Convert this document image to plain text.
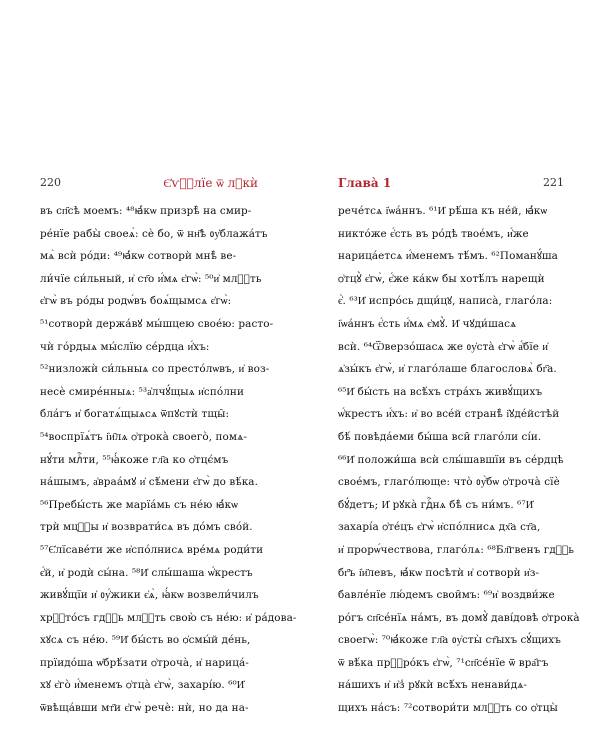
220	Є҆ѵⷢ҇лїе ѿ лꙋкѝ
въ сп҃сѣ моемъ: ⁴⁸ꙗ҆́кѡ призрѣ̀ на смир-
ре́нїе рабы̀ своеѧ̀: сѐ бо, ѿ нн҃ѣ ᲂу҆блажа́тъ
мѧ̀ всѝ ро́ди: ⁴⁹ꙗ҆́кѡ сотворѝ мнѣ̀ ве-
ли́чїе си́льный, и҆ ст҃о и҆́мѧ є҆гѡ̀: ⁵⁰и҆ млⷭ҇ть
є҆гѡ̀ въ ро́ды родѡ́въ боѧ́щымсѧ є҆гѡ̀:
⁵¹сотворѝ держа́вꙋ мы́шцею свое́ю: расто-
чѝ го́рдыѧ мы́слїю се́рдца и҆́хъ:
⁵²низложѝ си́льныѧ со престо́лѡвъ, и҆ воз-
несѐ смире́нныѧ: ⁵³а҆лчꙋ́щыѧ и҆спо́лни
бла́гъ и҆ богатѧ́щыѧсѧ ѿпꙋстѝ тщы̑:
⁵⁴воспрїѧ́тъ і҆и҃лѧ ѻ҆трока̀ своего̀, помѧ-
нꙋ́ти млⷭ҇ти, ⁵⁵ꙗ҆́коже гл҃а ко ѻ҆тцє́мъ
на́шымъ, а҆враа́мꙋ и҆ сѣ́мени є҆гѡ̀ до вѣ́ка.
⁵⁶Пребы́сть же марїа́мь съ не́ю ꙗ҆́кѡ
трѝ мцⷭ҇ы и҆ возврати́сѧ въ до́мъ сво́й.
⁵⁷Є҆лїсаве́ти же и҆спо́лнисѧ вре́мѧ роди́ти
є҆́й, и҆ родѝ сы́на. ⁵⁸И҆ слы́шаша ѡ҆́крестъ
живꙋ́щїи и҆ ᲂу҆́жики є҆ѧ̀, ꙗ҆́кѡ возвели́чилъ
хрⷭ҇то́съ гдⷭ҇ь млⷭ҇ть свою̀ съ не́ю: и҆ ра́дова-
хꙋсѧ съ не́ю. ⁵⁹И҆ бы́сть во ѻ҆смы́й де́нь,
прїидо́ша ѡ҆брѣ́зати ѻ҆троча̀, и҆ нарица́-
хꙋ є҆го̀ и҆́менемъ ѻ҆тца̀ є҆гѡ̀, захарі́ю. ⁶⁰И҆
ѿвѣща́вши мт҃и є҆гѡ̀ речѐ: нѝ, но да на-
Глава̀ 1	221
рече́тсѧ і҆ѡа́ннъ. ⁶¹И҆ рѣ́ша къ не́й, ꙗ҆́кѡ
никто́же є҆́сть въ ро́дѣ твое́мъ, и҆́же
нарица́етсѧ и҆́менемъ тѣ́мъ. ⁶²Поманꙋ́ша
ѻ҆тцꙋ̀ є҆гѡ̀, є҆́же ка́кѡ бы хотѣ́лъ нарещѝ
є҆̀. ⁶³И҆ испро́сь дщи́цꙋ, написа̀, глаго́ла:
і҆ѡа́ннъ є҆́сть и҆́мѧ є҆мꙋ̀. И҆ чꙋди́шасѧ
всѝ. ⁶⁴Ѿверзо́шасѧ же ᲂу҆ста̀ є҆гѡ̀ а҆́бїе и҆
ѧ҆зы́къ є҆гѡ̀, и҆ глаго́лаше благословѧ̀ бг҃а.
⁶⁵И҆ бы́сть на всѣ́хъ стра́хъ живꙋ́щихъ
ѡ҆́крестъ и҆́хъ: и҆ во все́й странѣ̀ і҆ꙋде́йстѣй
бѣ́ повѣда́еми бы́ша вси̑ глаго́ли сі́и.
⁶⁶И҆ положи́ша всѝ слы́шавшїи въ се́рдцѣ
свое́мъ, глаго́люще: что̀ ᲂу҆̀бѡ ѻ҆троча̀ сїѐ
бꙋ́детъ; И҆ рꙋка̀ гдⷭ҇нѧ бѣ̀ съ ни́мъ. ⁶⁷И҆
захарі́а ѻ҆те́цъ є҆гѡ̀ и҆спо́лнисѧ дх҃а ст҃а,
и҆ прорѡ́чествова, глаго́лѧ: ⁶⁸Бл҃гвенъ гдⷭ҇ь
бг҃ъ і҆и҃левъ, ꙗ҆́кѡ посѣтѝ и҆ сотворѝ и҆з-
бавле́нїе лю́демъ свои̑мъ: ⁶⁹и҆ воздви́же
ро́гъ сп҃се́нїѧ на́мъ, въ домꙋ̀ даві́довѣ ѻ҆трока̀
своегѡ̀: ⁷⁰ꙗ҆́коже гл҃а ᲂу҆сты̀ ст҃ыхъ сꙋ́щихъ
ѿ вѣ́ка прⷪ҇ро́къ є҆гѡ̀, ⁷¹сп҃се́нїе ѿ вра҄гъ
на́шихъ и҆ и҆з̾ рꙋкѝ всѣ́хъ ненави́дѧ-
щихъ на́съ: ⁷²сотвори́ти млⷭ҇ть со ѻ҆тцы̀
